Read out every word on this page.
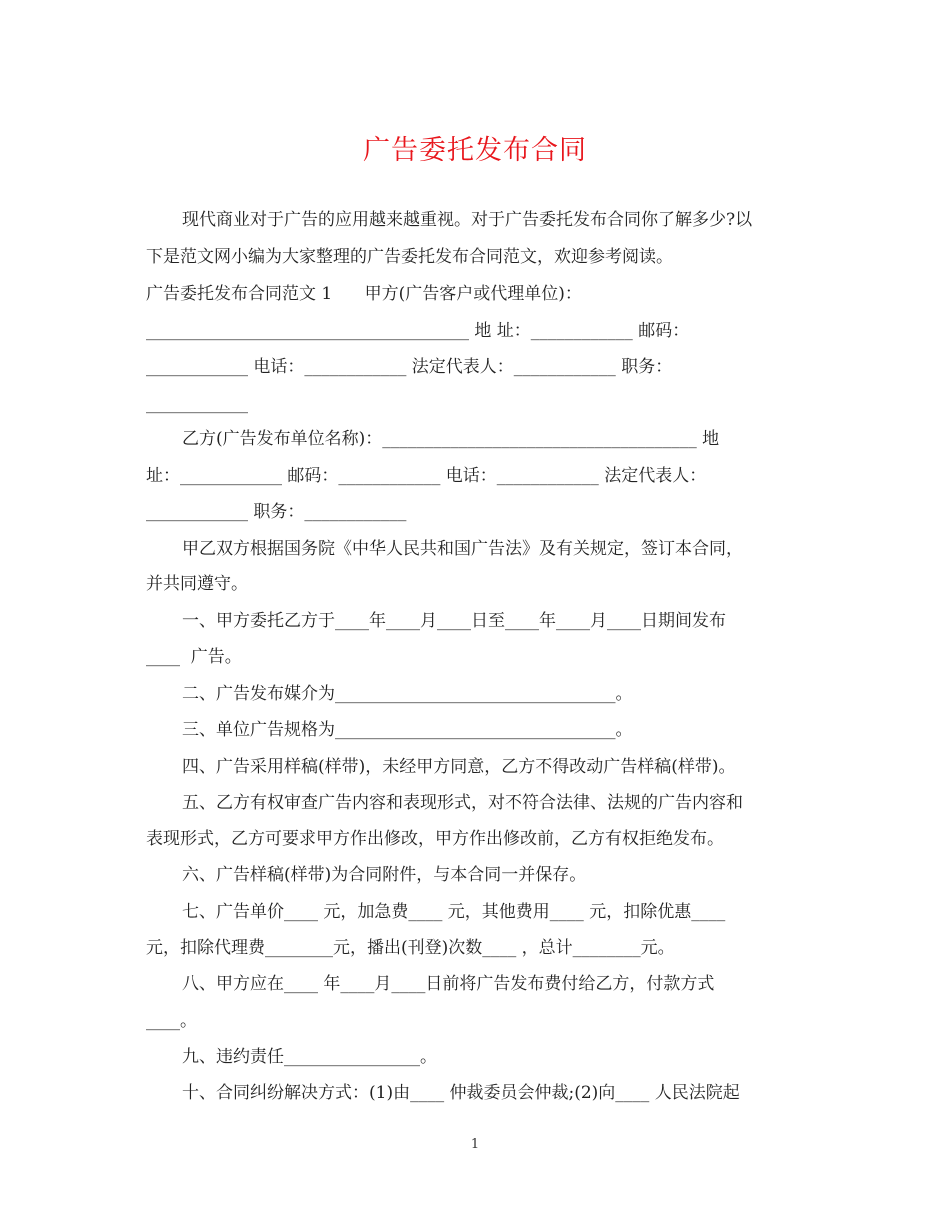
广告委托发布合同
现代商业对于广告的应用越来越重视。对于广告委托发布合同你了解多少?以
下是范文网小编为大家整理的广告委托发布合同范文，欢迎参考阅读。
广告委托发布合同范文 1      甲方(广告客户或代理单位)：
______________________________________ 地 址：____________ 邮码：
____________ 电话：____________ 法定代表人：____________ 职务：
____________
乙方(广告发布单位名称)：_____________________________________ 地
址：____________ 邮码：____________ 电话：____________ 法定代表人：
____________ 职务：____________
甲乙双方根据国务院《中华人民共和国广告法》及有关规定，签订本合同，
并共同遵守。
一、甲方委托乙方于____年____月____日至____年____月____日期间发布
____  广告。
二、广告发布媒介为_________________________________。
三、单位广告规格为_________________________________。
四、广告采用样稿(样带)，未经甲方同意，乙方不得改动广告样稿(样带)。
五、乙方有权审查广告内容和表现形式，对不符合法律、法规的广告内容和
表现形式，乙方可要求甲方作出修改，甲方作出修改前，乙方有权拒绝发布。
六、广告样稿(样带)为合同附件，与本合同一并保存。
七、广告单价____ 元，加急费____ 元，其他费用____ 元，扣除优惠____
元，扣除代理费________元，播出(刊登)次数____ ，总计________元。
八、甲方应在____ 年____月____日前将广告发布费付给乙方，付款方式
____。
九、违约责任________________。
十、合同纠纷解决方式：(1)由____ 仲裁委员会仲裁;(2)向____ 人民法院起
1
